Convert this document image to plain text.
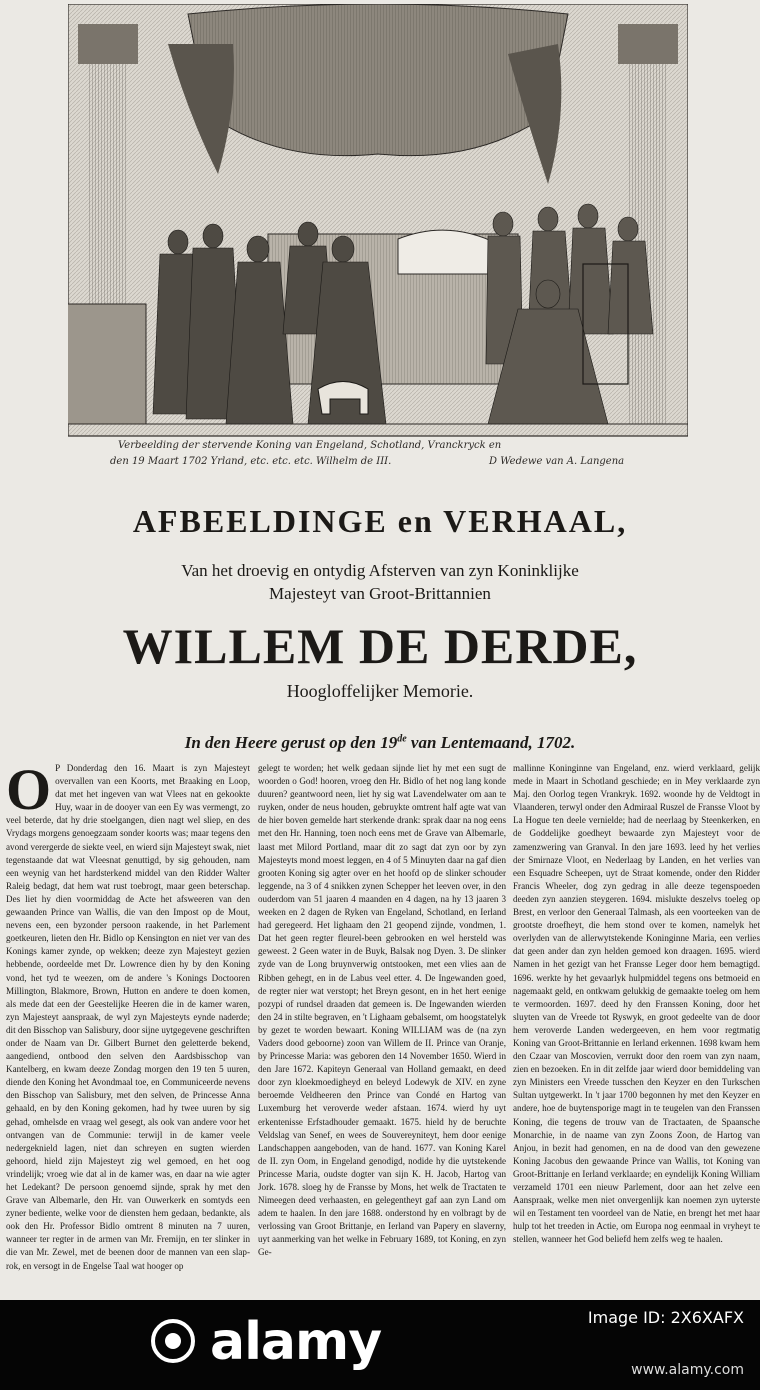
Verbeelding der stervende Koning van Engeland, Schotland, Vranckryck en
den 19 Maart 1702 Yrland, etc. etc. etc. Wilhelm de III.	D Wedewe van A. Langena
AFBEELDINGE en VERHAAL,
Van het droevig en ontydig Afsterven van zyn Koninklijke
Majesteyt van Groot-Brittannien
WILLEM DE DERDE,
Hoogloffelijker Memorie.
In den Heere gerust op den 19de van Lentemaand, 1702.
O P Donderdag den 16. Maart is zyn Majesteyt overvallen van een Koorts, met Braaking en Loop, dat met het ingeven van wat Vlees nat en gekookte Huy, waar in de dooyer van een Ey was vermengt, zo veel beterde, dat hy drie stoelgangen, dien nagt wel sliep, en des Vrydags morgens genoegzaam sonder koorts was; maar tegens den avond verergerde de siekte veel, en wierd sijn Majesteyt swak, niet tegenstaande dat wat Vleesnat genuttigd, by sig gehouden, nam een weynig van het hardsterkend middel van den Ridder Walter Raleig bedagt, dat hem wat rust toebrogt, maar geen beterschap. Des liet hy dien voormiddag de Acte het afsweeren van den gewaanden Prince van Wallis, die van den Impost op de Mout, nevens een, een byzonder persoon raakende, in het Parlement goetkeuren, lieten den Hr. Bidlo op Kensington en niet ver van des Konings kamer zynde, op wekken; deeze zyn Majesteyt gezien hebbende, oordeelde met Dr. Lowrence dien hy by den Koning vond, het tyd te weezen, om de andere 's Konings Doctooren Millington, Blakmore, Brown, Hutton en andere te doen komen, als mede dat een der Geestelijke Heeren die in de kamer waren, zyn Majesteyt aanspraak, de wyl zyn Majesteyts eynde naderde; dit den Bisschop van Salisbury, door sijne uytgegevene geschriften onder de Naam van Dr. Gilbert Burnet den geletterde bekend, aangediend, ontbood den selven den Aardsbisschop van Kantelberg, en kwam deeze Zondag morgen den 19 ten 5 uuren, diende den Koning het Avondmaal toe, en Communiceerde nevens den Bisschop van Salisbury, met den selven, de Princesse Anna gehaald, en by den Koning gekomen, had hy twee uuren by sig gehad, omhelsde en vraag wel gesegt, als ook van andere voor het ontvangen van de Communie: terwijl in de kamer veele nedergekniеld lagen, niet dan schreyen en sugten wierden gehoord, hield zijn Majesteyt zig wel gemoed, en het oog vrindelijk; vroeg wie dat al in de kamer was, en daar na wie agter het Ledekant? De persoon genoemd sijnde, sprak hy met den Grave van Albemarle, den Hr. van Ouwerkerk en somtyds een zyner bediente, welke voor de diensten hem gedaan, bedankte, als ook den Hr. Professor Bidlo omtrent 8 minuten na 7 uuren, wanneer ter regter in de armen van Mr. Fremijn, en ter slinker in die van Mr. Zewel, met de beenen door de mannen van een slap-rok, en versogt in de Engelse Taal wat hooger op
gelegt te worden; het welk gedaan sijnde liet hy met een sugt de woorden o God! hooren, vroeg den Hr. Bidlo of het nog lang konde duuren? geantwoord neen, liet hy sig wat Lavendelwater om aan te ruyken, onder de neus houden, gebruykte omtrent half agte wat van de hier boven gemelde hart sterkende drank: sprak daar na nog eens met den Hr. Hanning, toen noch eens met de Grave van Albemarle, laast met Milord Portland, maar dit zo sagt dat zyn oor by zyn Majesteyts mond moest leggen, en 4 of 5 Minuyten daar na gaf dien grooten Koning sig agter over en het hoofd op de slinker schouder leggende, na 3 of 4 snikken zynen Schepper het leeven over, in den ouderdom van 51 jaaren 4 maanden en 4 dagen, na hy 13 jaaren 3 weeken en 2 dagen de Ryken van Engeland, Schotland, en Ierland had geregeerd. Het lighaam den 21 geopend zijnde, vondmen, 1. Dat het geen regter fleurel-been gebrooken en wel hersteld was geweest. 2 Geen water in de Buyk, Balsak nog Dyen. 3. De slinker zyde van de Long bruynverwig ontstooken, met een vlies aan de Ribben gehegt, en in de Labus veel etter. 4. De Ingewanden goed, de regter nier wat verstopt; het Breyn gesont, en in het hert eenige pozypi of rundsel draaden dat gemeen is. De Ingewanden wierden den 24 in stilte begraven, en 't Lighaam gebalsemt, om hoogstatelyk by gezet te worden bewaart. Koning WILLIAM was de (na zyn Vaders dood geboorne) zoon van Willem de II. Prince van Oranje, by Princesse Maria: was geboren den 14 November 1650. Wierd in den Jare 1672. Kapiteyn Generaal van Holland gemaakt, en deed door zyn kloekmoedigheyd en beleyd Lodewyk de XIV. en zyne beroemde Veldheeren den Prince van Condé en Hartog van Luxemburg het veroverde weder afstaan. 1674. wierd hy uyt erkentenisse Erfstadhouder gemaakt. 1675. hield hy de beruchte Veldslag van Senef, en wees de Souvereyniteyt, hem door eenige Landschappen aangeboden, van de hand. 1677. van Koning Karel de II. zyn Oom, in Engeland genodigd, nodide hy die uytstekende Princesse Maria, oudste dogter van sijn K. H. Jacob, Hartog van Jork. 1678. sloeg hy de Fransse by Mons, het welk de Tractaten te Nimeegen deed verhaasten, en gelegentheyt gaf aan zyn Land om adem te haalen. In den jare 1688. onderstond hy en volbragt by de verlossing van Groot Brittanje, en Ierland van Papery en slaverny, uyt aanmerking van het welke in February 1689, tot Koning, en zyn Ge-
mallinne Koninginne van Engeland, enz. wierd verklaard, gelijk mede in Maart in Schotland geschiede; en in Mey verklaarde zyn Maj. den Oorlog tegen Vrankryk. 1692. woonde hy de Veldtogt in Vlaanderen, terwyl onder den Admiraal Ruszel de Fransse Vloot by La Hogue ten deele vernielde; had de neerlaag by Steenkerken, en de Goddelijke goedheyt bewaarde zyn Majesteyt voor de zamenzwering van Granval. In den jare 1693. leed hy het verlies der Smirnaze Vloot, en Nederlaag by Landen, en het verlies van een Esquadre Scheepen, uyt de Straat komende, onder den Ridder Francis Wheeler, dog zyn gedrag in alle deeze tegenspoeden deeden zyn aanzien steygeren. 1694. mislukte deszelvs toeleg op Brest, en verloor den Generaal Talmash, als een voorteeken van de grootste droefheyt, die hem stond over te komen, namelyk het overlyden van de allerwytstekende Koninginne Maria, een verlies dat geen ander dan zyn helden gemoed kon draagen. 1695. wierd Namen in het gezigt van het Fransse Leger door hem bemagtigd. 1696. werkte hy het gevaarlyk hulpmiddel tegens ons betmoeid en nagemaakt geld, en ontkwam gelukkig de gemaakte toeleg om hem te vermoorden. 1697. deed hy den Franssen Koning, door het sluyten van de Vreede tot Ryswyk, en groot gedeelte van de door hem veroverde Landen wedergeeven, en hem voor regtmatig Koning van Groot-Brittannie en Ierland erkennen. 1698 kwam hem den Czaar van Moscovien, verrukt door den roem van zyn naam, zien en bezoeken. En in dit zelfde jaar wierd door bemiddeling van zyn Ministers een Vreede tusschen den Keyzer en den Turkschen Sultan uytgewerkt. In 't jaar 1700 begonnen hy met den Keyzer en andere, hoe de buytensporige magt in te teugelen van den Franssen Koning, die tegens de trouw van de Tractaaten, de Spaansche Monarchie, in de naame van zyn Zoons Zoon, de Hartog van Anjou, in bezit had genomen, en na de dood van den gewezene Koning Jacobus den gewaande Prince van Wallis, tot Koning van Groot-Brittanje en Ierland verklaarde; en eyndelijk Koning William verzameld 1701 een nieuw Parlement, door aan het zelve een Aanspraak, welke men niet onvergenlijk kan noemen zyn uyterste wil en Testament ten voordeel van de Natie, en brengt het met haar hulp tot het treeden in Actie, om Europa nog eenmaal in vryheyt te stellen, wanneer het God beliefd hem zelfs weg te haalen.
alamy	Image ID: 2X6XAFX
www.alamy.com
